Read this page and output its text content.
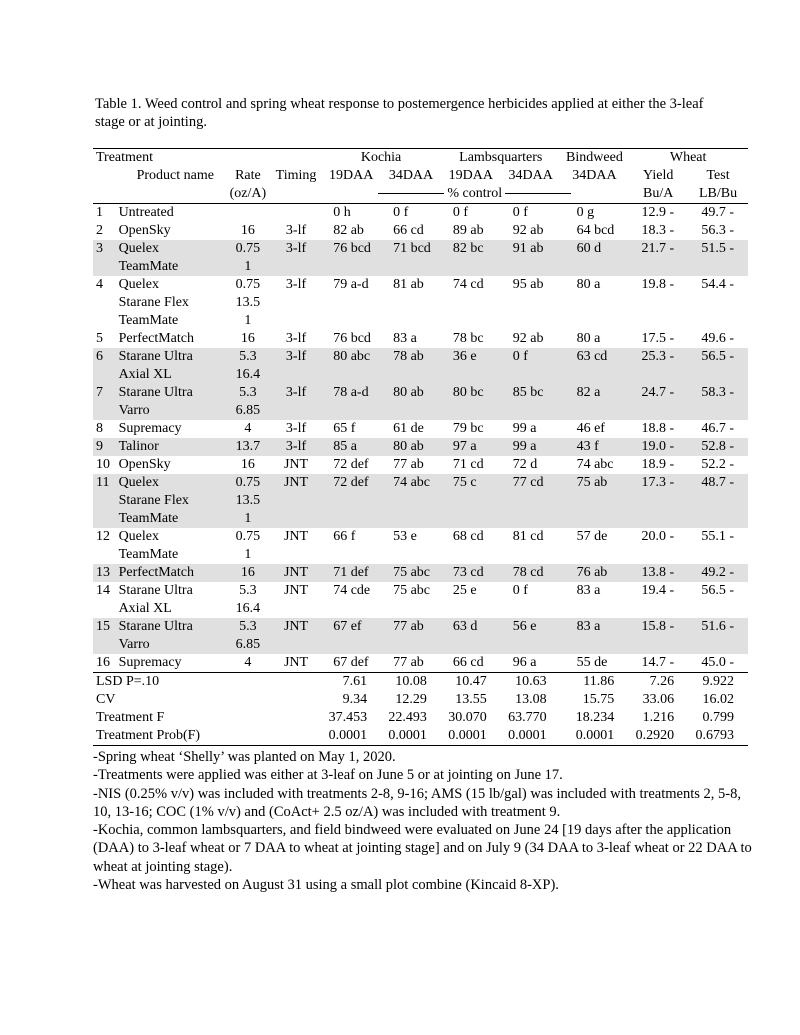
Table 1. Weed control and spring wheat response to postemergence herbicides applied at either the 3-leaf stage or at jointing.
Treatment				Kochia		Lambsquarters		Bindweed	Wheat	
	Product name	Rate	Timing	19DAA	34DAA	19DAA	34DAA	34DAA	Yield	Test
		(oz/A)		% control					Bu/A	LB/Bu
1	Untreated			0 h	0 f	0 f	0 f	0 g	12.9 -	49.7 -
2	OpenSky	16	3-lf	82 ab	66 cd	89 ab	92 ab	64 bcd	18.3 -	56.3 -
3	Quelex	0.75	3-lf	76 bcd	71 bcd	82 bc	91 ab	60 d	21.7 -	51.5 -
	TeamMate	1								
4	Quelex	0.75	3-lf	79 a-d	81 ab	74 cd	95 ab	80 a	19.8 -	54.4 -
	Starane Flex	13.5								
	TeamMate	1								
5	PerfectMatch	16	3-lf	76 bcd	83 a	78 bc	92 ab	80 a	17.5 -	49.6 -
6	Starane Ultra	5.3	3-lf	80 abc	78 ab	36 e	0 f	63 cd	25.3 -	56.5 -
	Axial XL	16.4								
7	Starane Ultra	5.3	3-lf	78 a-d	80 ab	80 bc	85 bc	82 a	24.7 -	58.3 -
	Varro	6.85								
8	Supremacy	4	3-lf	65 f	61 de	79 bc	99 a	46 ef	18.8 -	46.7 -
9	Talinor	13.7	3-lf	85 a	80 ab	97 a	99 a	43 f	19.0 -	52.8 -
10	OpenSky	16	JNT	72 def	77 ab	71 cd	72 d	74 abc	18.9 -	52.2 -
11	Quelex	0.75	JNT	72 def	74 abc	75 c	77 cd	75 ab	17.3 -	48.7 -
	Starane Flex	13.5								
	TeamMate	1								
12	Quelex	0.75	JNT	66 f	53 e	68 cd	81 cd	57 de	20.0 -	55.1 -
	TeamMate	1								
13	PerfectMatch	16	JNT	71 def	75 abc	73 cd	78 cd	76 ab	13.8 -	49.2 -
14	Starane Ultra	5.3	JNT	74 cde	75 abc	25 e	0 f	83 a	19.4 -	56.5 -
	Axial XL	16.4								
15	Starane Ultra	5.3	JNT	67 ef	77 ab	63 d	56 e	83 a	15.8 -	51.6 -
	Varro	6.85								
16	Supremacy	4	JNT	67 def	77 ab	66 cd	96 a	55 de	14.7 -	45.0 -
LSD P=.10				7.61	10.08	10.47	10.63	11.86	7.26	9.922
CV				9.34	12.29	13.55	13.08	15.75	33.06	16.02
Treatment F				37.453	22.493	30.070	63.770	18.234	1.216	0.799
Treatment Prob(F)				0.0001	0.0001	0.0001	0.0001	0.0001	0.2920	0.6793

-Spring wheat ‘Shelly’ was planted on May 1, 2020.

-Treatments were applied was either at 3-leaf on June 5 or at jointing on June 17.

-NIS (0.25% v/v) was included with treatments 2-8, 9-16; AMS (15 lb/gal) was included with treatments 2, 5-8, 10, 13-16; COC (1% v/v) and (CoAct+ 2.5 oz/A) was included with treatment 9.

-Kochia, common lambsquarters, and field bindweed were evaluated on June 24 [19 days after the application (DAA) to 3-leaf wheat or 7 DAA to wheat at jointing stage] and on July 9 (34 DAA to 3-leaf wheat or 22 DAA to wheat at jointing stage).

-Wheat was harvested on August 31 using a small plot combine (Kincaid 8-XP).
